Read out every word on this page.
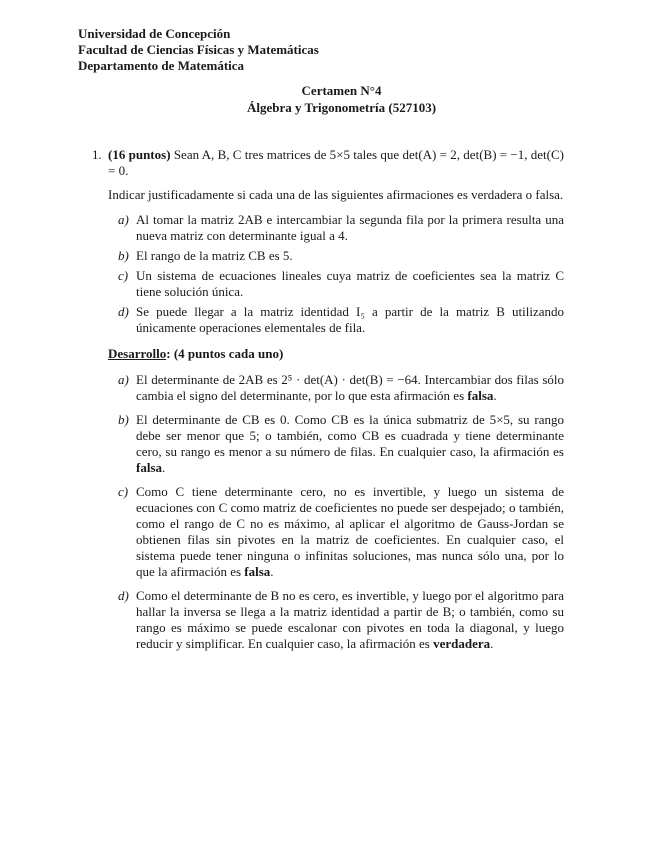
Universidad de Concepción
Facultad de Ciencias Físicas y Matemáticas
Departamento de Matemática
Certamen N°4
Álgebra y Trigonometría (527103)
1. (16 puntos) Sean A, B, C tres matrices de 5×5 tales que det(A) = 2, det(B) = −1, det(C) = 0.
Indicar justificadamente si cada una de las siguientes afirmaciones es verdadera o falsa.
a) Al tomar la matriz 2AB e intercambiar la segunda fila por la primera resulta una nueva matriz con determinante igual a 4.
b) El rango de la matriz CB es 5.
c) Un sistema de ecuaciones lineales cuya matriz de coeficientes sea la matriz C tiene solución única.
d) Se puede llegar a la matriz identidad I₅ a partir de la matriz B utilizando únicamente operaciones elementales de fila.
Desarrollo: (4 puntos cada uno)
a) El determinante de 2AB es 2⁵ · det(A) · det(B) = −64. Intercambiar dos filas sólo cambia el signo del determinante, por lo que esta afirmación es falsa.
b) El determinante de CB es 0. Como CB es la única submatriz de 5×5, su rango debe ser menor que 5; o también, como CB es cuadrada y tiene determinante cero, su rango es menor a su número de filas. En cualquier caso, la afirmación es falsa.
c) Como C tiene determinante cero, no es invertible, y luego un sistema de ecuaciones con C como matriz de coeficientes no puede ser despejado; o también, como el rango de C no es máximo, al aplicar el algoritmo de Gauss-Jordan se obtienen filas sin pivotes en la matriz de coeficientes. En cualquier caso, el sistema puede tener ninguna o infinitas soluciones, mas nunca sólo una, por lo que la afirmación es falsa.
d) Como el determinante de B no es cero, es invertible, y luego por el algoritmo para hallar la inversa se llega a la matriz identidad a partir de B; o también, como su rango es máximo se puede escalonar con pivotes en toda la diagonal, y luego reducir y simplificar. En cualquier caso, la afirmación es verdadera.
